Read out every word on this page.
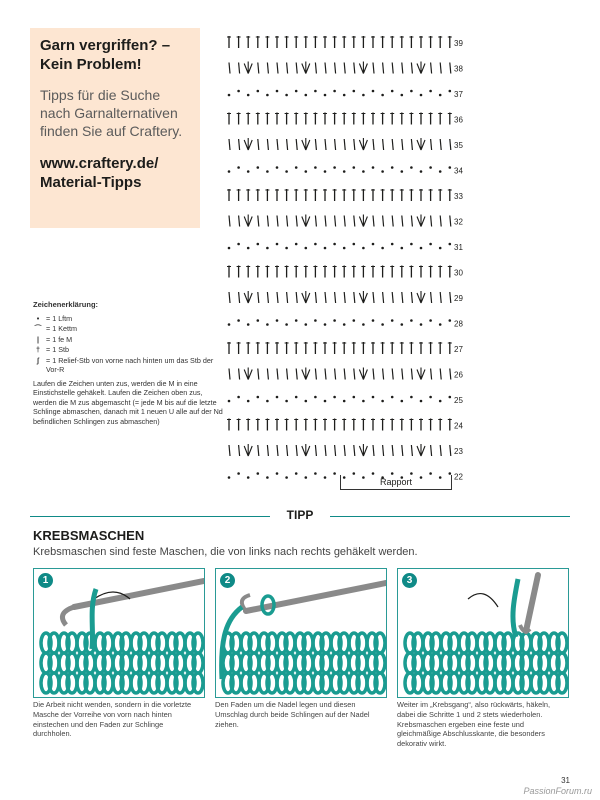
Garn vergriffen? – Kein Problem!
Tipps für die Suche nach Garnalternativen finden Sie auf Craftery.
www.craftery.de/ Material-Tipps
39
38
37
36
35
34
33
32
31
30
29
28
27
26
25
24
23
22
Rapport
Zeichenerklärung:
• = 1 Lftm
⌒ = 1 Kettm
| = 1 fe M
† = 1 Stb
ʃ = 1 Relief-Stb von vorne nach hinten um das Stb der Vor-R
Laufen die Zeichen unten zus, werden die M in eine Einstichstelle gehäkelt. Laufen die Zeichen oben zus, werden die M zus abgemascht (= jede M bis auf die letzte Schlinge abmaschen, danach mit 1 neuen U alle auf der Nd befindlichen Schlingen zus abmaschen)
TIPP
KREBSMASCHEN
Krebsmaschen sind feste Maschen, die von links nach rechts gehäkelt werden.
1	2	3
Die Arbeit nicht wenden, sondern in die vorletzte Masche der Vorreihe von vorn nach hinten einstechen und den Faden zur Schlinge durchholen.
Den Faden um die Nadel legen und diesen Umschlag durch beide Schlingen auf der Nadel ziehen.
Weiter im „Krebsgang“, also rückwärts, häkeln, dabei die Schritte 1 und 2 stets wiederholen. Krebsmaschen ergeben eine feste und gleichmäßige Abschlusskante, die besonders dekorativ wirkt.
31
PassionForum.ru
